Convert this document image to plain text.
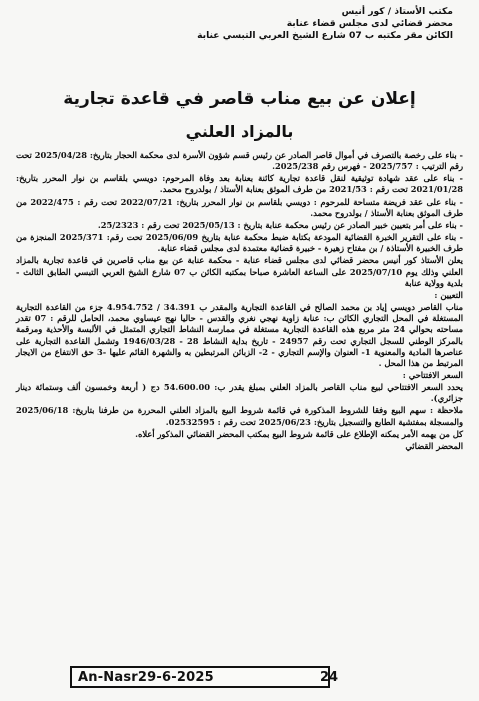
مكتب الأستاذ / كور أنيس
محضر قضائي لدى مجلس قضاء عنابة
الكائن مقر مكتبه ب 07 شارع الشيخ العربي التبسي عنابة
إعلان عن بيع مناب قاصر في قاعدة تجارية
بالمزاد العلني

- بناء على رخصة بالتصرف في أموال قاصر الصادر عن رئيس قسم شؤون الأسرة لدى محكمة الحجار بتاريخ: 2025/04/28 تحت رقم الترتيب : 2025/757 - فهرس رقم 2025/238.

- بناء على عقد شهادة توثيقية لنقل قاعدة تجارية كائنة بعنابة بعد وفاة المرحوم: دويسي بلقاسم بن نوار المحرر بتاريخ: 2021/01/28 تحت رقم : 2021/53 من طرف الموثق بعنابة الأستاذ / بولدروح محمد.

- بناء على عقد فريضة متساحة للمرحوم : دويسي بلقاسم بن نوار المحرر بتاريخ: 2022/07/21 تحت رقم : 2022/475 من طرف الموثق بعنابة الأستاذ / بولدروح محمد.

- بناء على أمر بتعيين خبير الصادر عن رئيس محكمة عنابة بتاريخ : 2025/05/13 تحت رقم : 25/2323.

- بناء على التقرير الخبرة القضائية المودعة بكتابة ضبط محكمة عنابة بتاريخ 2025/06/09 تحت رقم: 2025/371 المنجزة من طرف الخبيرة الأستاذة / بن مفتاح زهيرة - خبيرة قضائية معتمدة لدى مجلس قضاء عنابة.

يعلن الأستاذ كور أنيس محضر قضائي لدى مجلس قضاء عنابة - محكمة عنابة عن بيع مناب قاصرين في قاعدة تجارية بالمزاد العلني وذلك يوم 2025/07/10 على الساعة العاشرة صباحا بمكتبه الكائن ب 07 شارع الشيخ العربي التبسي الطابق الثالث - بلدية وولاية عنابة

التعيين :

مناب القاصر دويسي إياد بن محمد الصالح في القاعدة التجارية والمقدر ب 34.391 / 4.954.752 جزء من القاعدة التجارية المستغلة في المحل التجاري الكائن ب: عنابة زاوية نهجي نغري والقدس - حاليا نهج عيساوي محمد، الحامل للرقم : 07 تقدر مساحته بحوالي 24 متر مربع هذه القاعدة التجارية مستغلة في ممارسة النشاط التجاري المتمثل في الألبسة والأحذية ومرقمة بالمركز الوطني للسجل التجاري تحت رقم 24957 - تاريخ بداية النشاط 28 - 1946/03/28 وتشمل القاعدة التجارية على عناصرها المادية والمعنوية 1- العنوان والإسم التجاري - 2- الزبائن المرتبطين به والشهرة القائم عليها -3 حق الانتفاع من الايجار المرتبط من هذا المحل .

السعر الافتتاحي :

يحدد السعر الافتتاحي لبيع مناب القاصر بالمزاد العلني بمبلغ يقدر ب: 54.600.00 دج ( أربعة وخمسون ألف وستمائة دينار جزائري).

ملاحظة : سهم البيع وفقا للشروط المذكورة في قائمة شروط البيع بالمزاد العلني المحررة من طرفنا بتاريخ: 2025/06/18 والمسجلة بمفتشية الطابع والتسجيل بتاريخ: 2025/06/23 تحت رقم : 02532595.

كل من يهمه الأمر يمكنه الإطلاع على قائمة شروط البيع بمكتب المحضر القضائي المذكور أعلاه.

المحضر القضائي

An-Nasr29-6-2025	24
